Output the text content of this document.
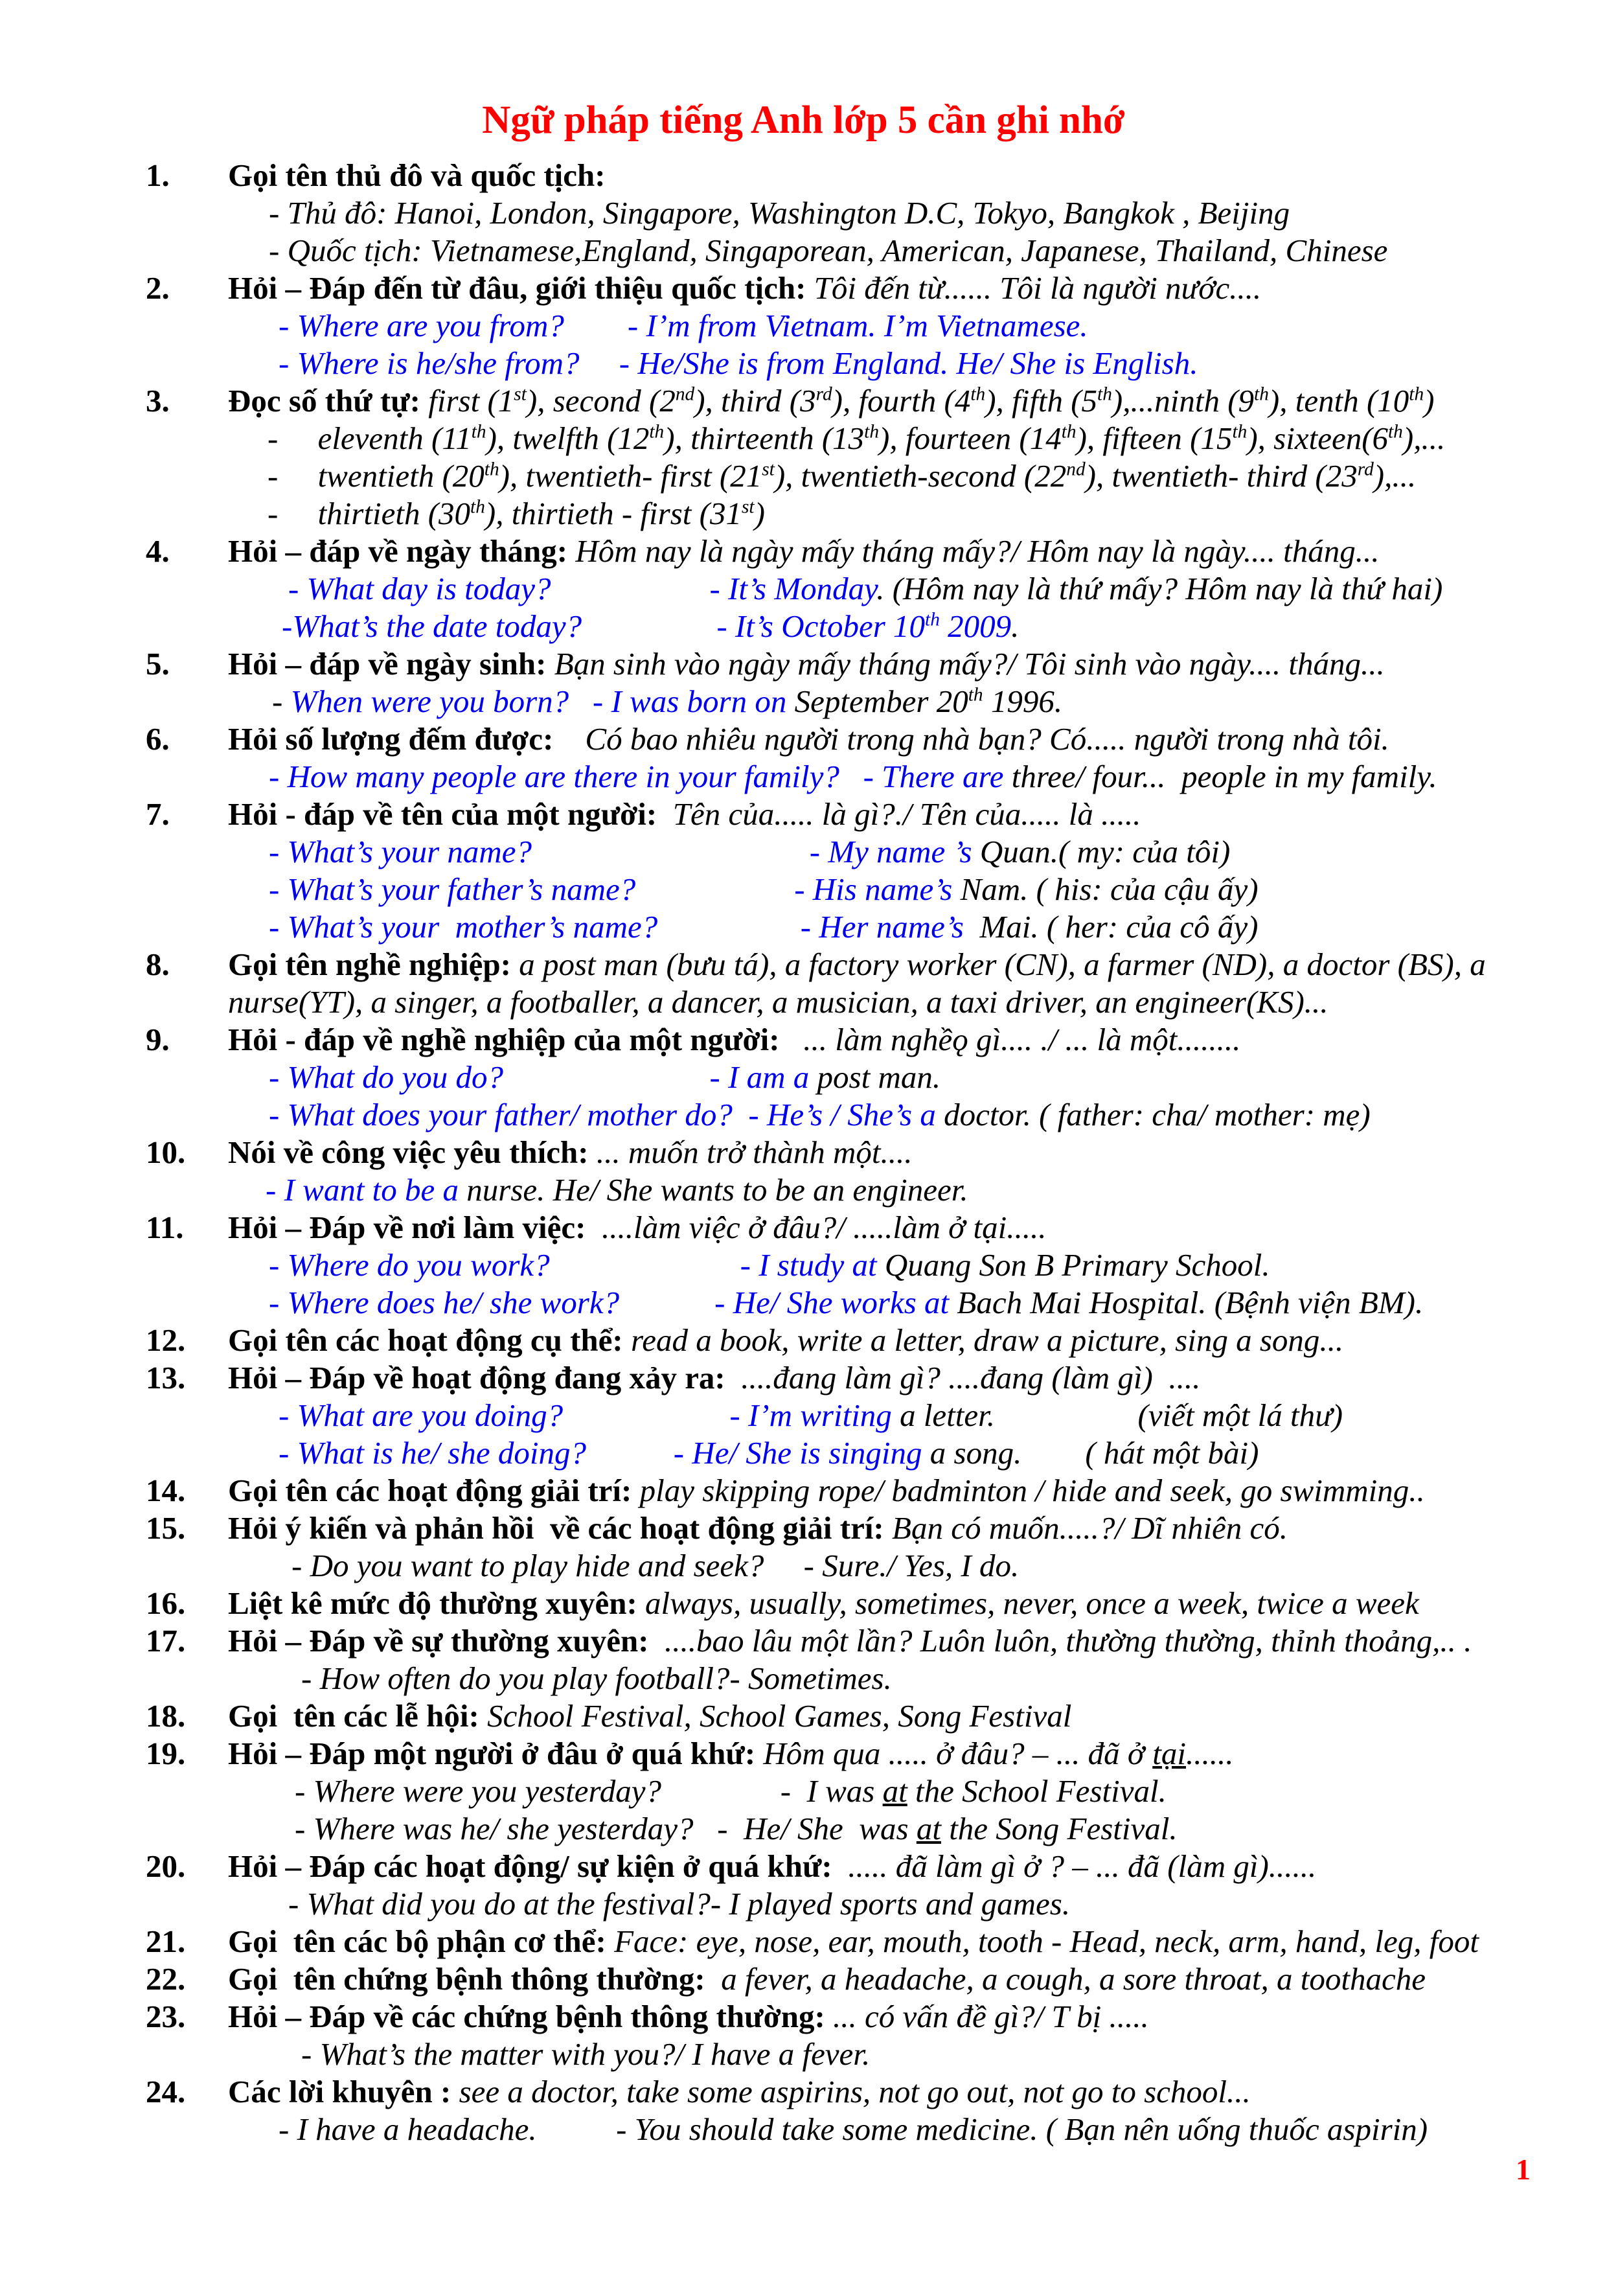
Ngữ pháp tiếng Anh lớp 5 cần ghi nhớ
1. Gọi tên thủ đô và quốc tịch:
- Thủ đô: Hanoi, London, Singapore, Washington D.C, Tokyo, Bangkok , Beijing
- Quốc tịch: Vietnamese,England, Singaporean, American, Japanese, Thailand, Chinese
2. Hỏi – Đáp đến từ đâu, giới thiệu quốc tịch: Tôi đến từ...... Tôi là người nước....
- Where are you from? - I’m from Vietnam. I’m Vietnamese.
- Where is he/she from? - He/She is from England. He/ She is English.
3. Đọc số thứ tự: first (1st), second (2nd), third (3rd), fourth (4th), fifth (5th),...ninth (9th), tenth (10th)
-     eleventh (11th), twelfth (12th), thirteenth (13th), fourteen (14th), fifteen (15th), sixteen(6th),...
-     twentieth (20th), twentieth- first (21st), twentieth-second (22nd), twentieth- third (23rd),...
-     thirtieth (30th), thirtieth - first (31st)
4. Hỏi – đáp về ngày tháng: Hôm nay là ngày mấy tháng mấy?/ Hôm nay là ngày.... tháng...
- What day is today?	- It’s Monday. (Hôm nay là thứ mấy? Hôm nay là thứ hai)
-What’s the date today?	- It’s October 10th 2009.
5. Hỏi – đáp về ngày sinh: Bạn sinh vào ngày mấy tháng mấy?/ Tôi sinh vào ngày.... tháng...
- When were you born? - I was born on September 20th 1996.
6. Hỏi số lượng đếm được:    Có bao nhiêu người trong nhà bạn? Có..... người trong nhà tôi.
- How many people are there in your family? - There are three/ four...  people in my family.
7. Hỏi - đáp về tên của một người:  Tên của..... là gì?./ Tên của..... là .....
- What’s your name?	- My name ’s Quan.( my: của tôi)
- What’s your father’s name?	- His name’s Nam. ( his: của cậu ấy)
- What’s your  mother’s name?	- Her name’s  Mai. ( her: của cô ấy)
8. Gọi tên nghề nghiệp: a post man (bưu tá), a factory worker (CN), a farmer (ND), a doctor (BS), a
nurse(YT), a singer, a footballer, a dancer, a musician, a taxi driver, an engineer(KS)...
9. Hỏi - đáp về nghề nghiệp của một người:   ... làm nghềǫ gì.... ./ ... là một........
- What do you do?	- I am a post man.
- What does your father/ mother do? - He’s / She’s a doctor. ( father: cha/ mother: mẹ)
10. Nói về công việc yêu thích: ... muốn trở thành một....
- I want to be a nurse. He/ She wants to be an engineer.
11. Hỏi – Đáp về nơi làm việc:  ....làm việc ở đâu?/ .....làm ở tại.....
- Where do you work?	- I study at Quang Son B Primary School.
- Where does he/ she work?	- He/ She works at Bach Mai Hospital. (Bệnh viện BM).
12. Gọi tên các hoạt động cụ thể: read a book, write a letter, draw a picture, sing a song...
13. Hỏi – Đáp về hoạt động đang xảy ra:  ....đang làm gì? ....đang (làm gì)  ....
- What are you doing?	- I’m writing a letter.                  (viết một lá thư)
- What is he/ she doing?	- He/ She is singing a song.        ( hát một bài)
14. Gọi tên các hoạt động giải trí: play skipping rope/ badminton / hide and seek, go swimming..
15. Hỏi ý kiến và phản hồi  về các hoạt động giải trí: Bạn có muốn.....?/ Dĩ nhiên có.
- Do you want to play hide and seek?     - Sure./ Yes, I do.
16. Liệt kê mức độ thường xuyên: always, usually, sometimes, never, once a week, twice a week
17. Hỏi – Đáp về sự thường xuyên:  ....bao lâu một lần? Luôn luôn, thường thường, thỉnh thoảng,.. .
- How often do you play football?- Sometimes.
18. Gọi  tên các lễ hội: School Festival, School Games, Song Festival
19. Hỏi – Đáp một người ở đâu ở quá khứ: Hôm qua ..... ở đâu? – ... đã ở tại......
- Where were you yesterday?               -  I was at the School Festival.
- Where was he/ she yesterday?   -  He/ She  was at the Song Festival.
20. Hỏi – Đáp các hoạt động/ sự kiện ở quá khứ:  ..... đã làm gì ở ? – ... đã (làm gì)......
- What did you do at the festival?- I played sports and games.
21. Gọi  tên các bộ phận cơ thể: Face: eye, nose, ear, mouth, tooth - Head, neck, arm, hand, leg, foot
22. Gọi  tên chứng bệnh thông thường:  a fever, a headache, a cough, a sore throat, a toothache
23. Hỏi – Đáp về các chứng bệnh thông thường: ... có vấn đề gì?/ T bị .....
- What’s the matter with you?/ I have a fever.
24. Các lời khuyên : see a doctor, take some aspirins, not go out, not go to school...
- I have a headache.          - You should take some medicine. ( Bạn nên uống thuốc aspirin)
1
